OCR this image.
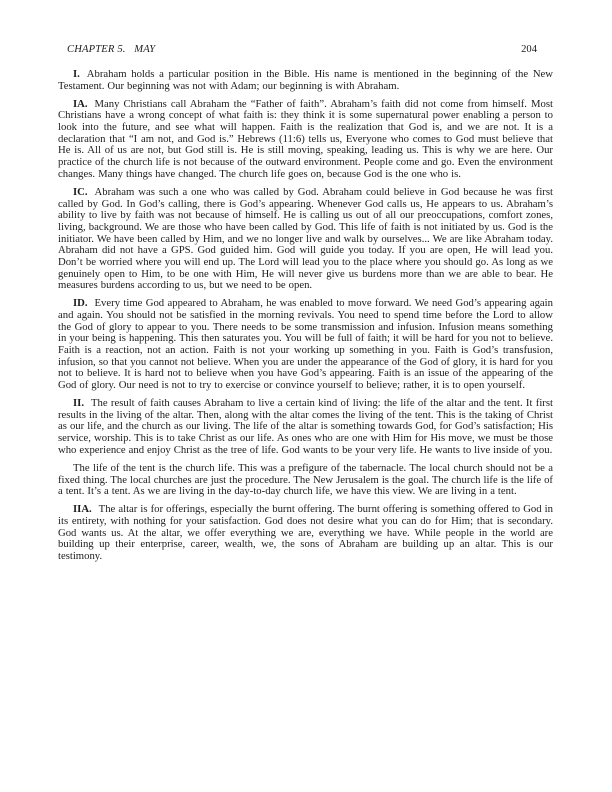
CHAPTER 5. MAY	204

I. Abraham holds a particular position in the Bible. His name is mentioned in the beginning of the New Testament. Our beginning was not with Adam; our beginning is with Abraham.

IA. Many Christians call Abraham the “Father of faith”. Abraham’s faith did not come from himself. Most Christians have a wrong concept of what faith is: they think it is some supernatural power enabling a person to look into the future, and see what will happen. Faith is the realization that God is, and we are not. It is a declaration that “I am not, and God is.” Hebrews (11:6) tells us, Everyone who comes to God must believe that He is. All of us are not, but God still is. He is still moving, speaking, leading us. This is why we are here. Our practice of the church life is not because of the outward environment. People come and go. Even the environment changes. Many things have changed. The church life goes on, because God is the one who is.

IC. Abraham was such a one who was called by God. Abraham could believe in God because he was first called by God. In God’s calling, there is God’s appearing. Whenever God calls us, He appears to us. Abraham’s ability to live by faith was not because of himself. He is calling us out of all our preoccupations, comfort zones, living, background. We are those who have been called by God. This life of faith is not initiated by us. God is the initiator. We have been called by Him, and we no longer live and walk by ourselves... We are like Abraham today. Abraham did not have a GPS. God guided him. God will guide you today. If you are open, He will lead you. Don’t be worried where you will end up. The Lord will lead you to the place where you should go. As long as we genuinely open to Him, to be one with Him, He will never give us burdens more than we are able to bear. He measures burdens according to us, but we need to be open.

ID. Every time God appeared to Abraham, he was enabled to move forward. We need God’s appearing again and again. You should not be satisfied in the morning revivals. You need to spend time before the Lord to allow the God of glory to appear to you. There needs to be some transmission and infusion. Infusion means something in your being is happening. This then saturates you. You will be full of faith; it will be hard for you not to believe. Faith is a reaction, not an action. Faith is not your working up something in you. Faith is God’s transfusion, infusion, so that you cannot not believe. When you are under the appearance of the God of glory, it is hard for you not to believe. It is hard not to believe when you have God’s appearing. Faith is an issue of the appearing of the God of glory. Our need is not to try to exercise or convince yourself to believe; rather, it is to open yourself.

II. The result of faith causes Abraham to live a certain kind of living: the life of the altar and the tent. It first results in the living of the altar. Then, along with the altar comes the living of the tent. This is the taking of Christ as our life, and the church as our living. The life of the altar is something towards God, for God’s satisfaction; His service, worship. This is to take Christ as our life. As ones who are one with Him for His move, we must be those who experience and enjoy Christ as the tree of life. God wants to be your very life. He wants to live inside of you.

The life of the tent is the church life. This was a prefigure of the tabernacle. The local church should not be a fixed thing. The local churches are just the procedure. The New Jerusalem is the goal. The church life is the life of a tent. It’s a tent. As we are living in the day-to-day church life, we have this view. We are living in a tent.

IIA. The altar is for offerings, especially the burnt offering. The burnt offering is something offered to God in its entirety, with nothing for your satisfaction. God does not desire what you can do for Him; that is secondary. God wants us. At the altar, we offer everything we are, everything we have. While people in the world are building up their enterprise, career, wealth, we, the sons of Abraham are building up an altar. This is our testimony.
